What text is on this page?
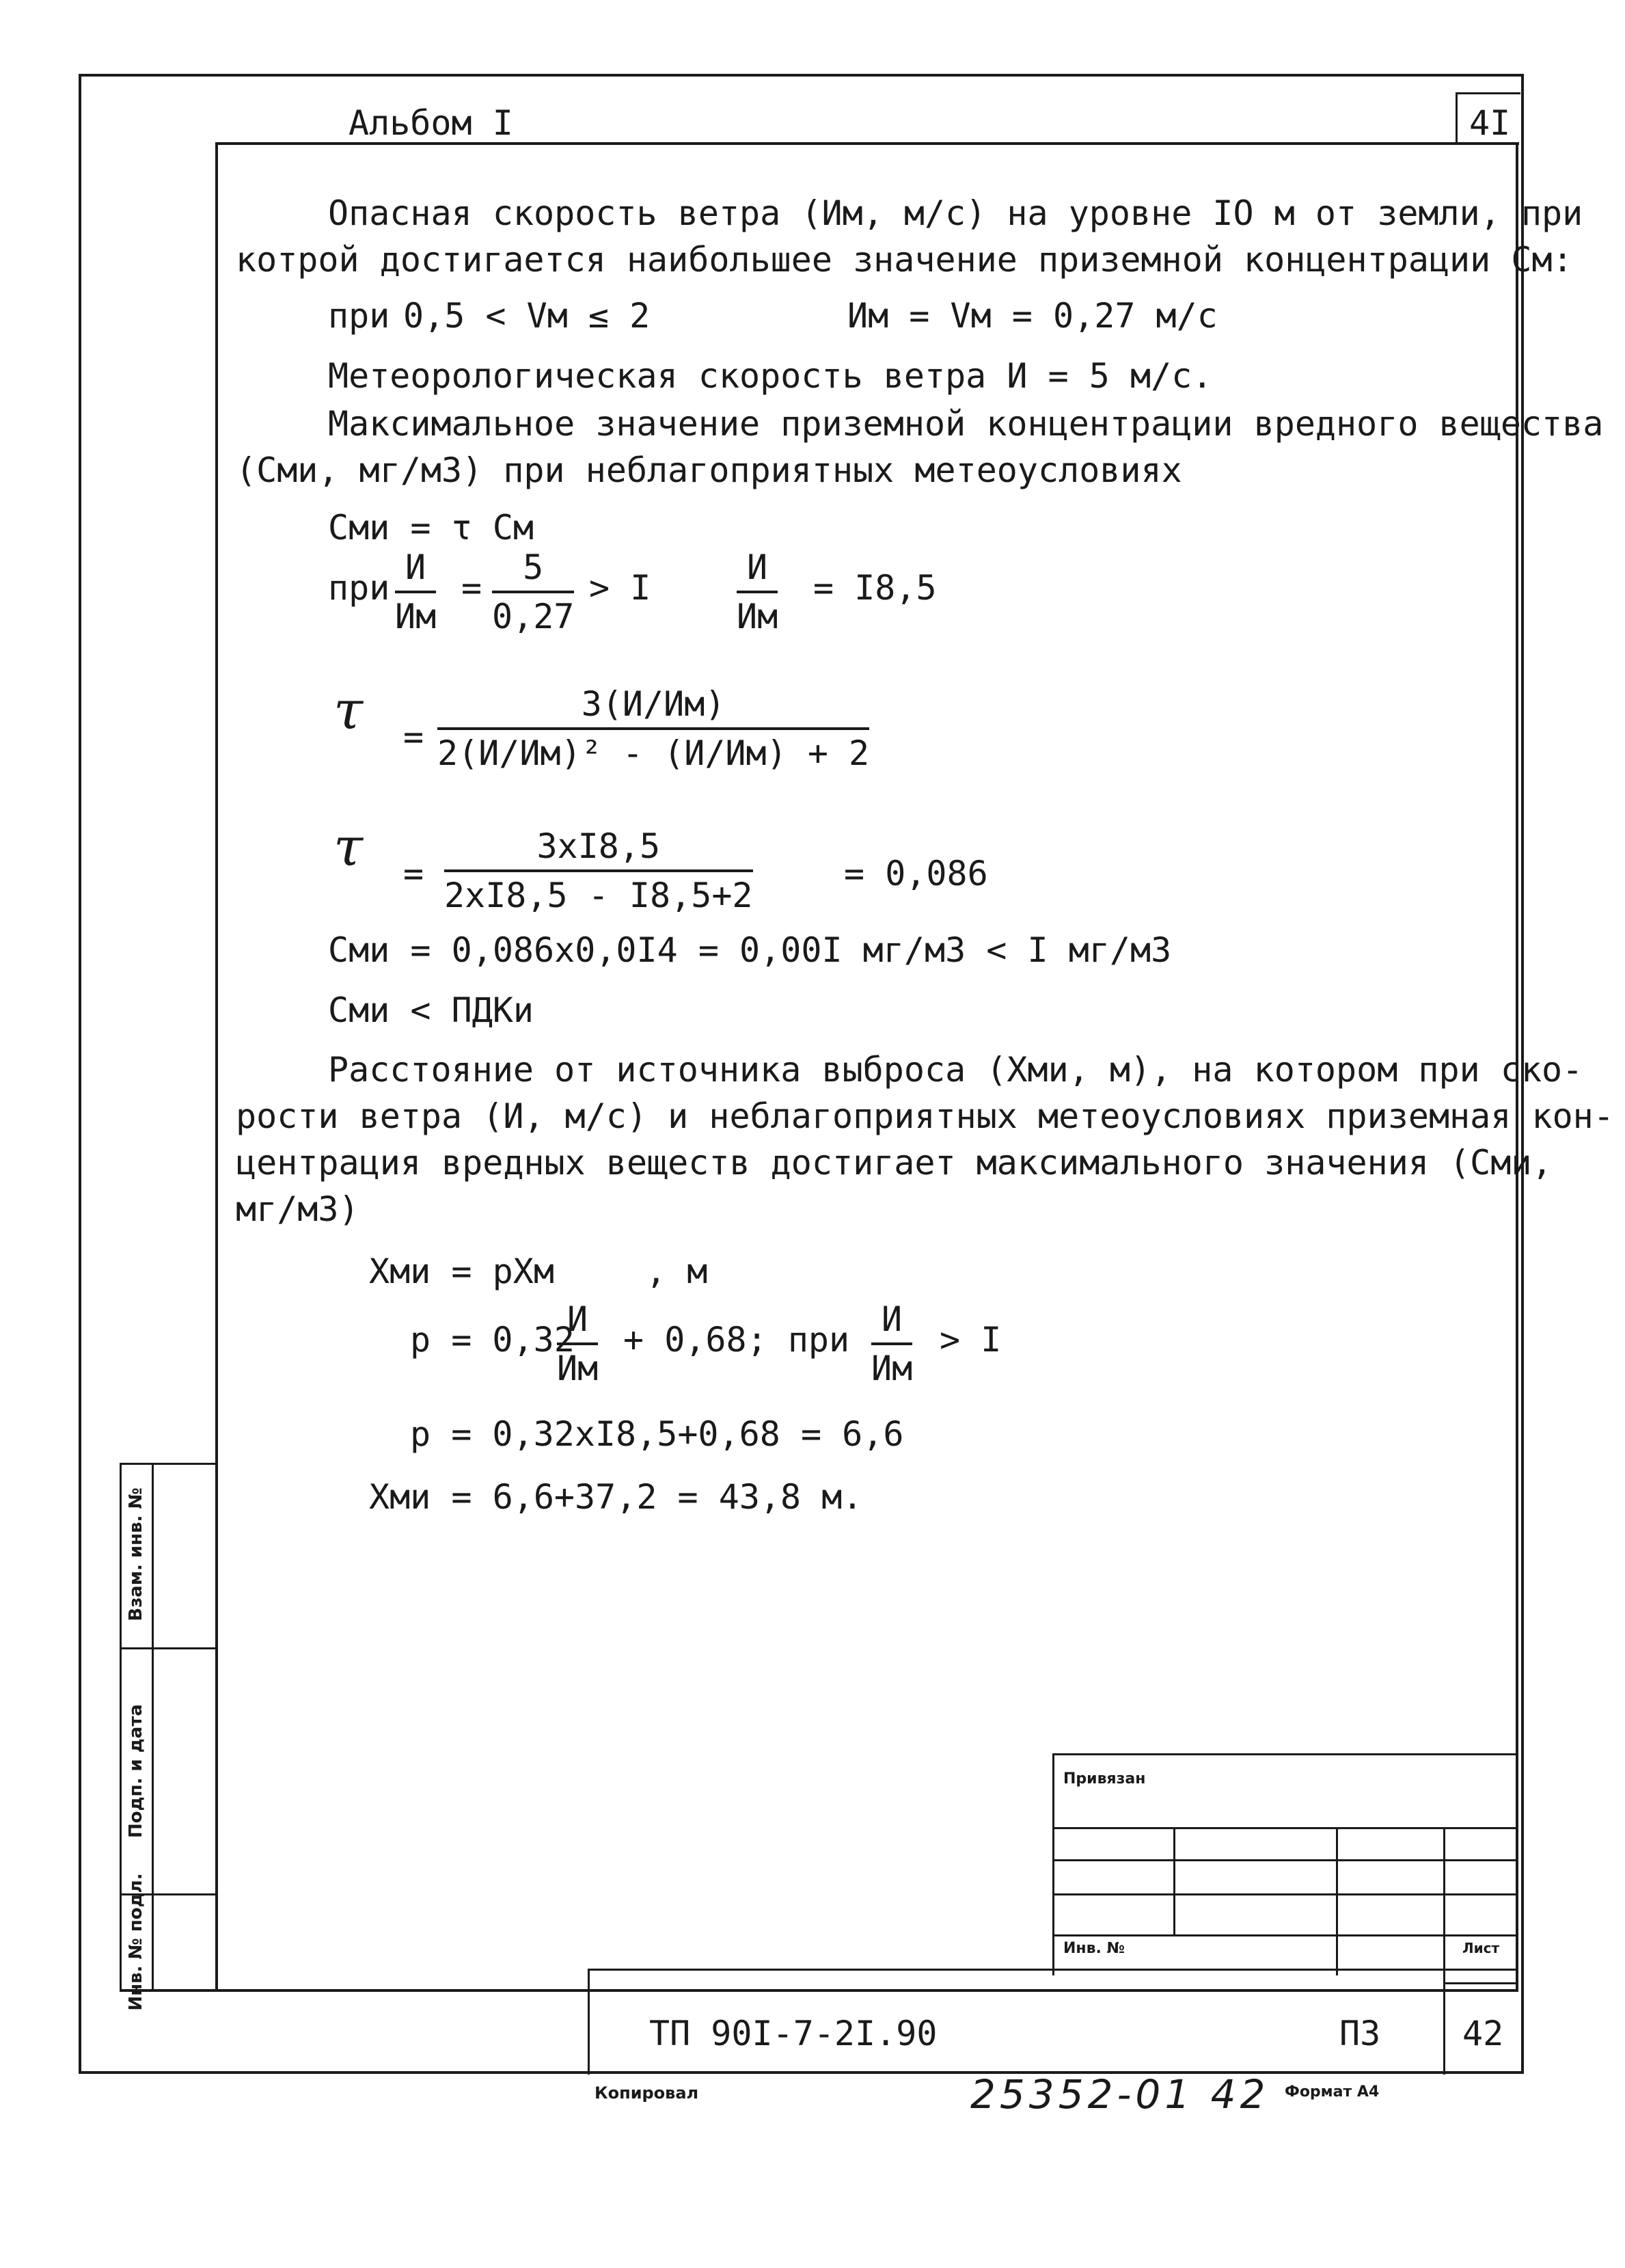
Альбом I	4I
Опасная скорость ветра (Им, м/с) на уровне IO м от земли, при
котрой достигается наибольшее значение приземной концентрации См:
при 0,5 < Vм ≤ 2	Им = Vм = 0,27 м/с
Метеорологическая скорость ветра И = 5 м/с.
Максимальное значение приземной концентрации вредного вещества
(Сми, мг/м3) при неблагоприятных метеоусловиях
Сми = τ См
при
И
Им
= $\frac{5}{0,27} > I$
И
Им
= I8,5
τ =
3(И/Им)
2(И/Им)² - (И/Им) + 2
$\tau = \frac{3xI8,5}{2xI8,5 - I8,5+2}$	= 0,086
Сми = 0,086x0,0I4 = 0,00I мг/м3 < I мг/м3
Сми < ПДКи
Расстояние от источника выброса (Хми, м), на котором при ско-
рости ветра (И, м/с) и неблагоприятных метеоусловиях приземная кон-
центрация вредных веществ достигает максимального значения (Сми,
мг/м3)
Хми = рХм	, м
р = 0,32
И
Им
+ 0,68; при
И
Им
> I
р = 0,32xI8,5+0,68 = 6,6
Хми = 6,6+37,2 = 43,8 м.
Взам. инв. №
Подп. и дата
Инв. № подл.
Привязан
Инв. №	Лист
ТП 90I-7-2I.90	ПЗ 42
Копировал	25352-01 42 Формат А4
